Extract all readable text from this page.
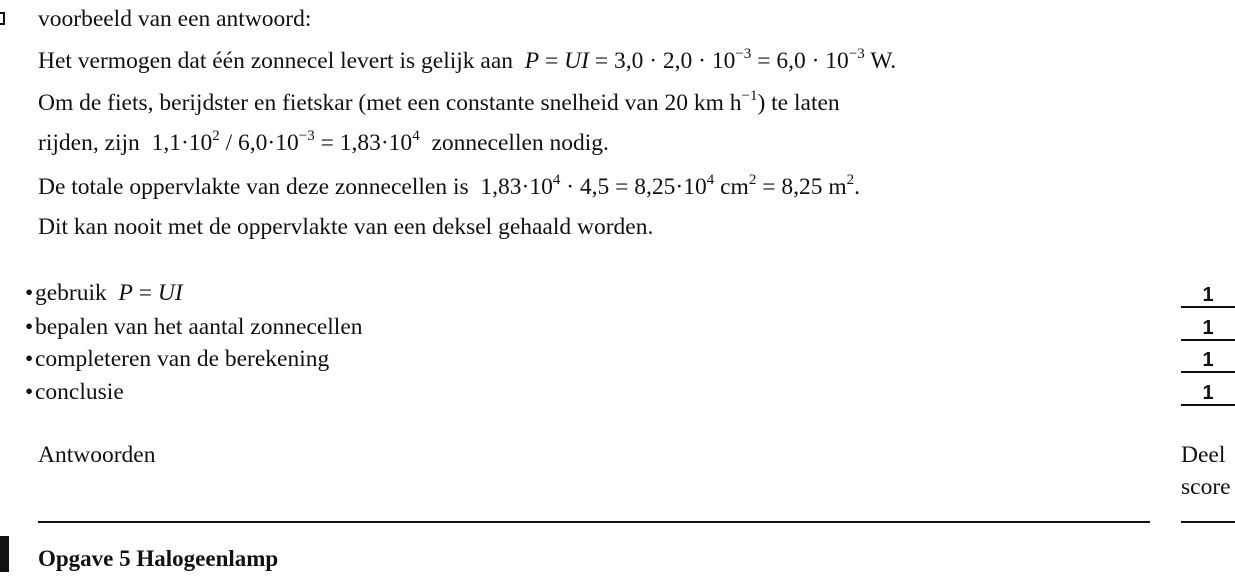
voorbeeld van een antwoord:
Het vermogen dat één zonnecel levert is gelijk aan P = UI = $3,0 \cdot 2,0 \cdot 10^{-3} = 6,0 \cdot 10^{-3}$ W.
Om de fiets, berijdster en fietskar (met een constante snelheid van 20 km $h^{-1}$) te laten
rijden, zijn $1,1\cdot 10^2 / 6,0\cdot 10^{-3} = 1,83\cdot 10^4$ zonnecellen nodig.
De totale oppervlakte van deze zonnecellen is $1,83\cdot 10^4 \cdot 4,5 = 8,25\cdot 10^4$ $cm^2 = 8,25$ $m^2$.
Dit kan nooit met de oppervlakte van een deksel gehaald worden.
•gebruik P = UI
•bepalen van het aantal zonnecellen
•completeren van de berekening
•conclusie
1
1
1
1
Antwoorden	Deel
score
Opgave 5 Halogeenlamp
